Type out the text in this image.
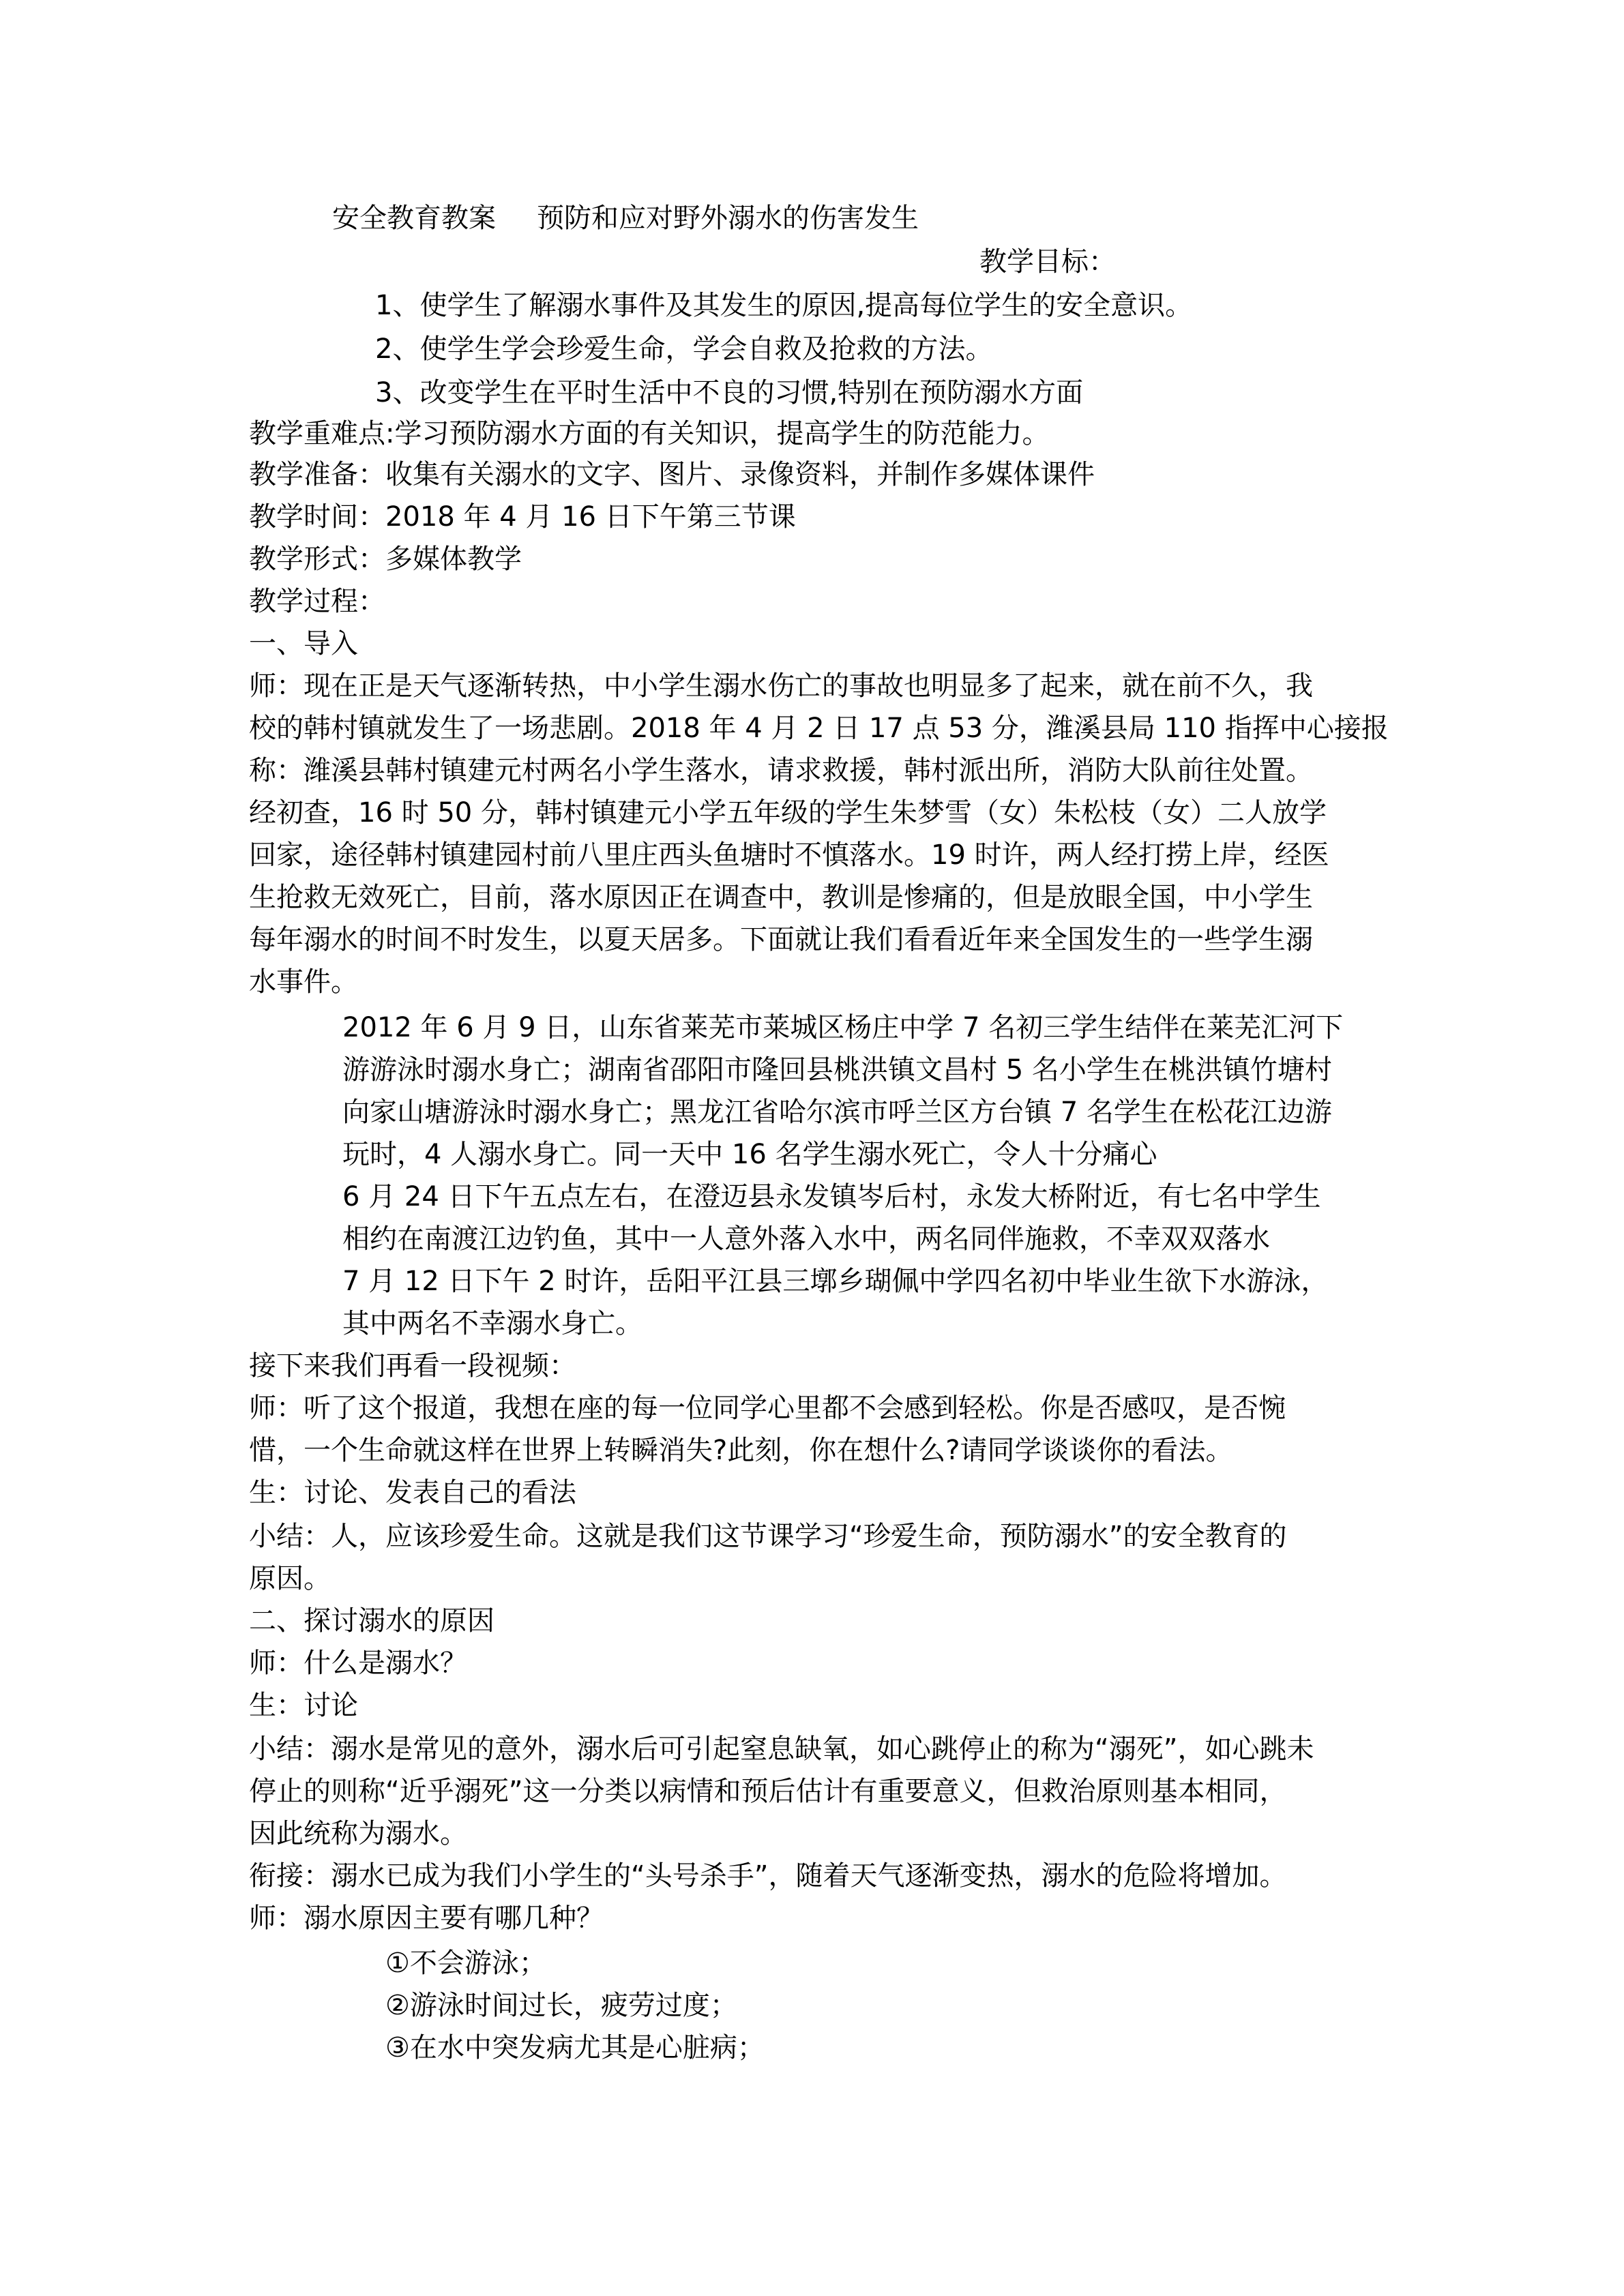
安全教育教案 预防和应对野外溺水的伤害发生
教学目标：
1、使学生了解溺水事件及其发生的原因,提高每位学生的安全意识。
2、使学生学会珍爱生命，学会自救及抢救的方法。
3、改变学生在平时生活中不良的习惯,特别在预防溺水方面
教学重难点:学习预防溺水方面的有关知识，提高学生的防范能力。
教学准备：收集有关溺水的文字、图片、录像资料，并制作多媒体课件
教学时间：2018 年 4 月 16 日下午第三节课
教学形式：多媒体教学
教学过程：
一、导入
师：现在正是天气逐渐转热，中小学生溺水伤亡的事故也明显多了起来，就在前不久，我
校的韩村镇就发生了一场悲剧。2018 年 4 月 2 日 17 点 53 分，潍溪县局 110 指挥中心接报
称：潍溪县韩村镇建元村两名小学生落水，请求救援，韩村派出所，消防大队前往处置。
经初查，16 时 50 分，韩村镇建元小学五年级的学生朱梦雪（女）朱松枝（女）二人放学
回家，途径韩村镇建园村前八里庄西头鱼塘时不慎落水。19 时许，两人经打捞上岸，经医
生抢救无效死亡，目前，落水原因正在调查中，教训是惨痛的，但是放眼全国，中小学生
每年溺水的时间不时发生，以夏天居多。下面就让我们看看近年来全国发生的一些学生溺
水事件。
2012 年 6 月 9 日，山东省莱芜市莱城区杨庄中学 7 名初三学生结伴在莱芜汇河下
游游泳时溺水身亡；湖南省邵阳市隆回县桃洪镇文昌村 5 名小学生在桃洪镇竹塘村
向家山塘游泳时溺水身亡；黑龙江省哈尔滨市呼兰区方台镇 7 名学生在松花江边游
玩时，4 人溺水身亡。同一天中 16 名学生溺水死亡，令人十分痛心
6 月 24 日下午五点左右，在澄迈县永发镇岑后村，永发大桥附近，有七名中学生
相约在南渡江边钓鱼，其中一人意外落入水中，两名同伴施救，不幸双双落水
7 月 12 日下午 2 时许，岳阳平江县三墎乡瑚佩中学四名初中毕业生欲下水游泳，
其中两名不幸溺水身亡。
接下来我们再看一段视频：
师：听了这个报道，我想在座的每一位同学心里都不会感到轻松。你是否感叹，是否惋
惜，一个生命就这样在世界上转瞬消失?此刻，你在想什么?请同学谈谈你的看法。
生：讨论、发表自己的看法
小结：人，应该珍爱生命。这就是我们这节课学习“珍爱生命，预防溺水”的安全教育的
原因。
二、探讨溺水的原因
师：什么是溺水？
生：讨论
小结：溺水是常见的意外，溺水后可引起窒息缺氧，如心跳停止的称为“溺死”，如心跳未
停止的则称“近乎溺死”这一分类以病情和预后估计有重要意义，但救治原则基本相同，
因此统称为溺水。
衔接：溺水已成为我们小学生的“头号杀手”，随着天气逐渐变热，溺水的危险将增加。
师：溺水原因主要有哪几种？
①不会游泳；
②游泳时间过长，疲劳过度；
③在水中突发病尤其是心脏病；
